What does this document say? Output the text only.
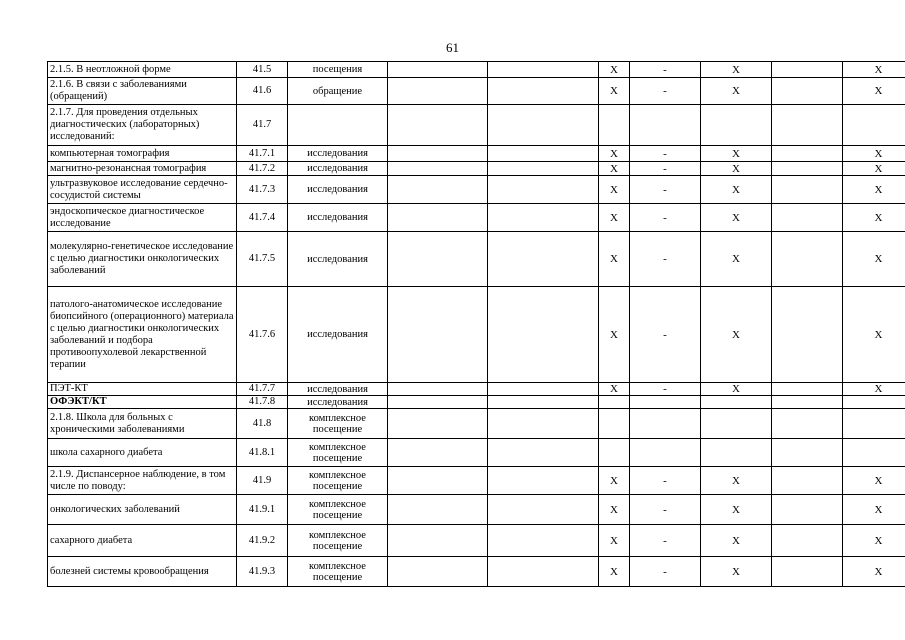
61
2.1.5. В неотложной форме	41.5	посещения			X	-	X		X
2.1.6. В связи с заболеваниями (обращений)	41.6	обращение			X	-	X		X
2.1.7. Для проведения отдельных диагностических (лабораторных) исследований:	41.7								
компьютерная томография	41.7.1	исследования			X	-	X		X
магнитно-резонансная томография	41.7.2	исследования			X	-	X		X
ультразвуковое исследование сердечно-сосудистой системы	41.7.3	исследования			X	-	X		X
эндоскопическое диагностическое исследование	41.7.4	исследования			X	-	X		X
молекулярно-генетическое исследование с целью диагностики онкологических заболеваний	41.7.5	исследования			X	-	X		X
патолого-анатомическое исследование биопсийного (операционного) материала с целью диагностики онкологических заболеваний и подбора противоопухолевой лекарственной терапии	41.7.6	исследования			X	-	X		X
ПЭТ-КТ	41.7.7	исследования			X	-	X		X
ОФЭКТ/КТ	41.7.8	исследования							
2.1.8. Школа для больных с хроническими заболеваниями	41.8	комплексное посещение							
школа сахарного диабета	41.8.1	комплексное посещение							
2.1.9. Диспансерное наблюдение, в том числе по поводу:	41.9	комплексное посещение			X	-	X		X
онкологических заболеваний	41.9.1	комплексное посещение			X	-	X		X
сахарного диабета	41.9.2	комплексное посещение			X	-	X		X
болезней системы кровообращения	41.9.3	комплексное посещение			X	-	X		X
